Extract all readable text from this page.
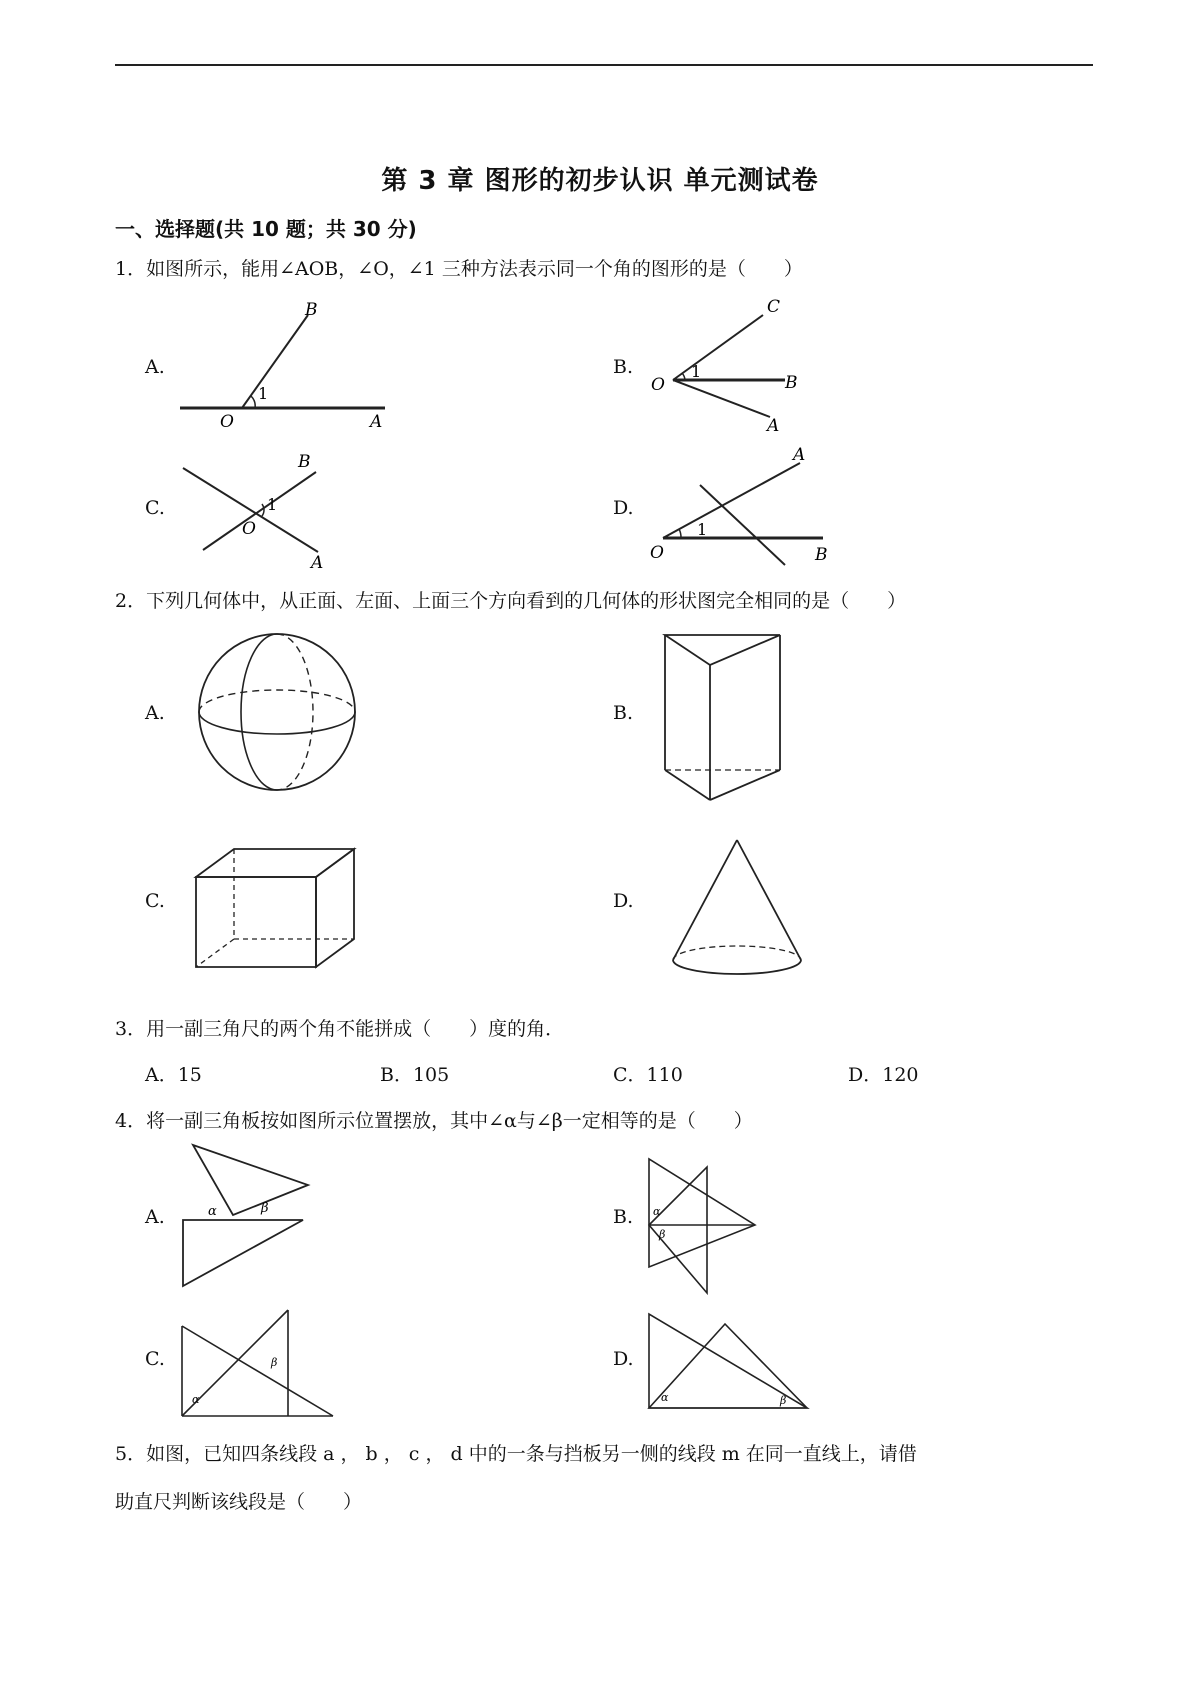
第 3 章 图形的初步认识 单元测试卷
一、选择题(共 10 题；共 30 分)
1．如图所示，能用∠AOB，∠O，∠1 三种方法表示同一个角的图形的是（　　）
A.	B.
C.	D.
1
O	A
B
1
O	B
C
A
1
O
B
A
1
O	B
A
2．下列几何体中，从正面、左面、上面三个方向看到的几何体的形状图完全相同的是（　　）
A.	B.
C.	D.
3．用一副三角尺的两个角不能拼成（　　）度的角．
A．15	B．105	C．110	D．120
4．将一副三角板按如图所示位置摆放，其中∠α与∠β一定相等的是（　　）
A.	B.
C.	D.
α	β	α
β
α
β
α	β
5．如图，已知四条线段 a ， b ， c ， d 中的一条与挡板另一侧的线段 m 在同一直线上，请借
助直尺判断该线段是（　　）
